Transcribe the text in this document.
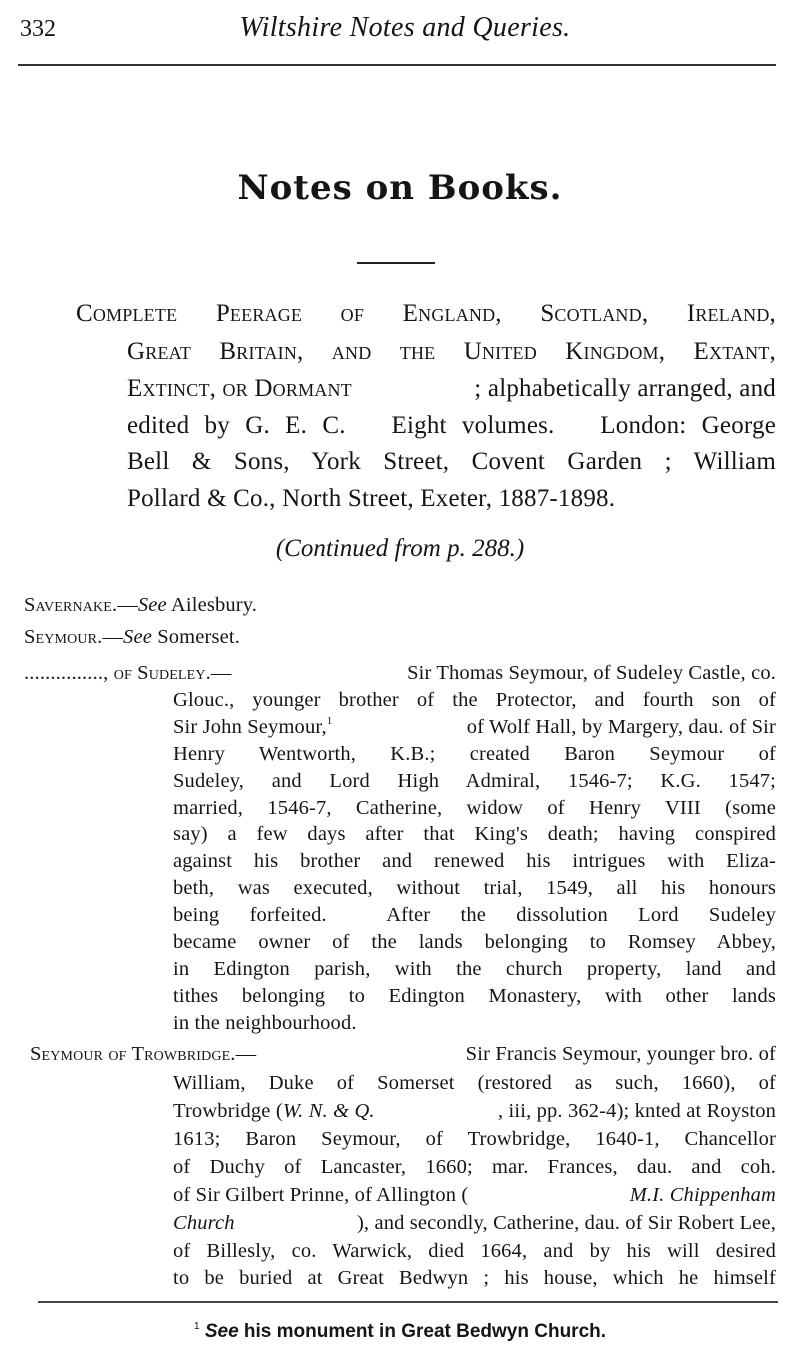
332	Wiltshire Notes and Queries.
Notes on Books.
Complete Peerage of England, Scotland, Ireland,
Great Britain, and the United Kingdom, Extant,
Extinct, or Dormant	; alphabetically arranged, and
edited by G. E. C.   Eight volumes.   London: George
Bell & Sons, York Street, Covent Garden ; William
Pollard & Co., North Street, Exeter, 1887-1898.
(Continued from p. 288.)
Savernake.—See Ailesbury.
Seymour.—See Somerset.
..............., of Sudeley.—	Sir Thomas Seymour, of Sudeley Castle, co.
Glouc., younger brother of the Protector, and fourth son of
Sir John Seymour,$^1$	of Wolf Hall, by Margery, dau. of Sir
Henry Wentworth, K.B.; created Baron Seymour of
Sudeley, and Lord High Admiral, 1546-7; K.G. 1547;
married, 1546-7, Catherine, widow of Henry VIII (some
say) a few days after that King's death; having conspired
against his brother and renewed his intrigues with Eliza-
beth, was executed, without trial, 1549, all his honours
being forfeited.  After the dissolution Lord Sudeley
became owner of the lands belonging to Romsey Abbey,
in Edington parish, with the church property, land and
tithes belonging to Edington Monastery, with other lands
in the neighbourhood.
Seymour of Trowbridge.—	Sir Francis Seymour, younger bro. of
William, Duke of Somerset (restored as such, 1660), of
Trowbridge (W. N. & Q.	, iii, pp. 362-4); knted at Royston
1613; Baron Seymour, of Trowbridge, 1640-1, Chancellor
of Duchy of Lancaster, 1660; mar. Frances, dau. and coh.
of Sir Gilbert Prinne, of Allington (	M.I. Chippenham
Church	), and secondly, Catherine, dau. of Sir Robert Lee,
of Billesly, co. Warwick, died 1664, and by his will desired
to be buried at Great Bedwyn ; his house, which he himself
$^1$ See his monument in Great Bedwyn Church.
